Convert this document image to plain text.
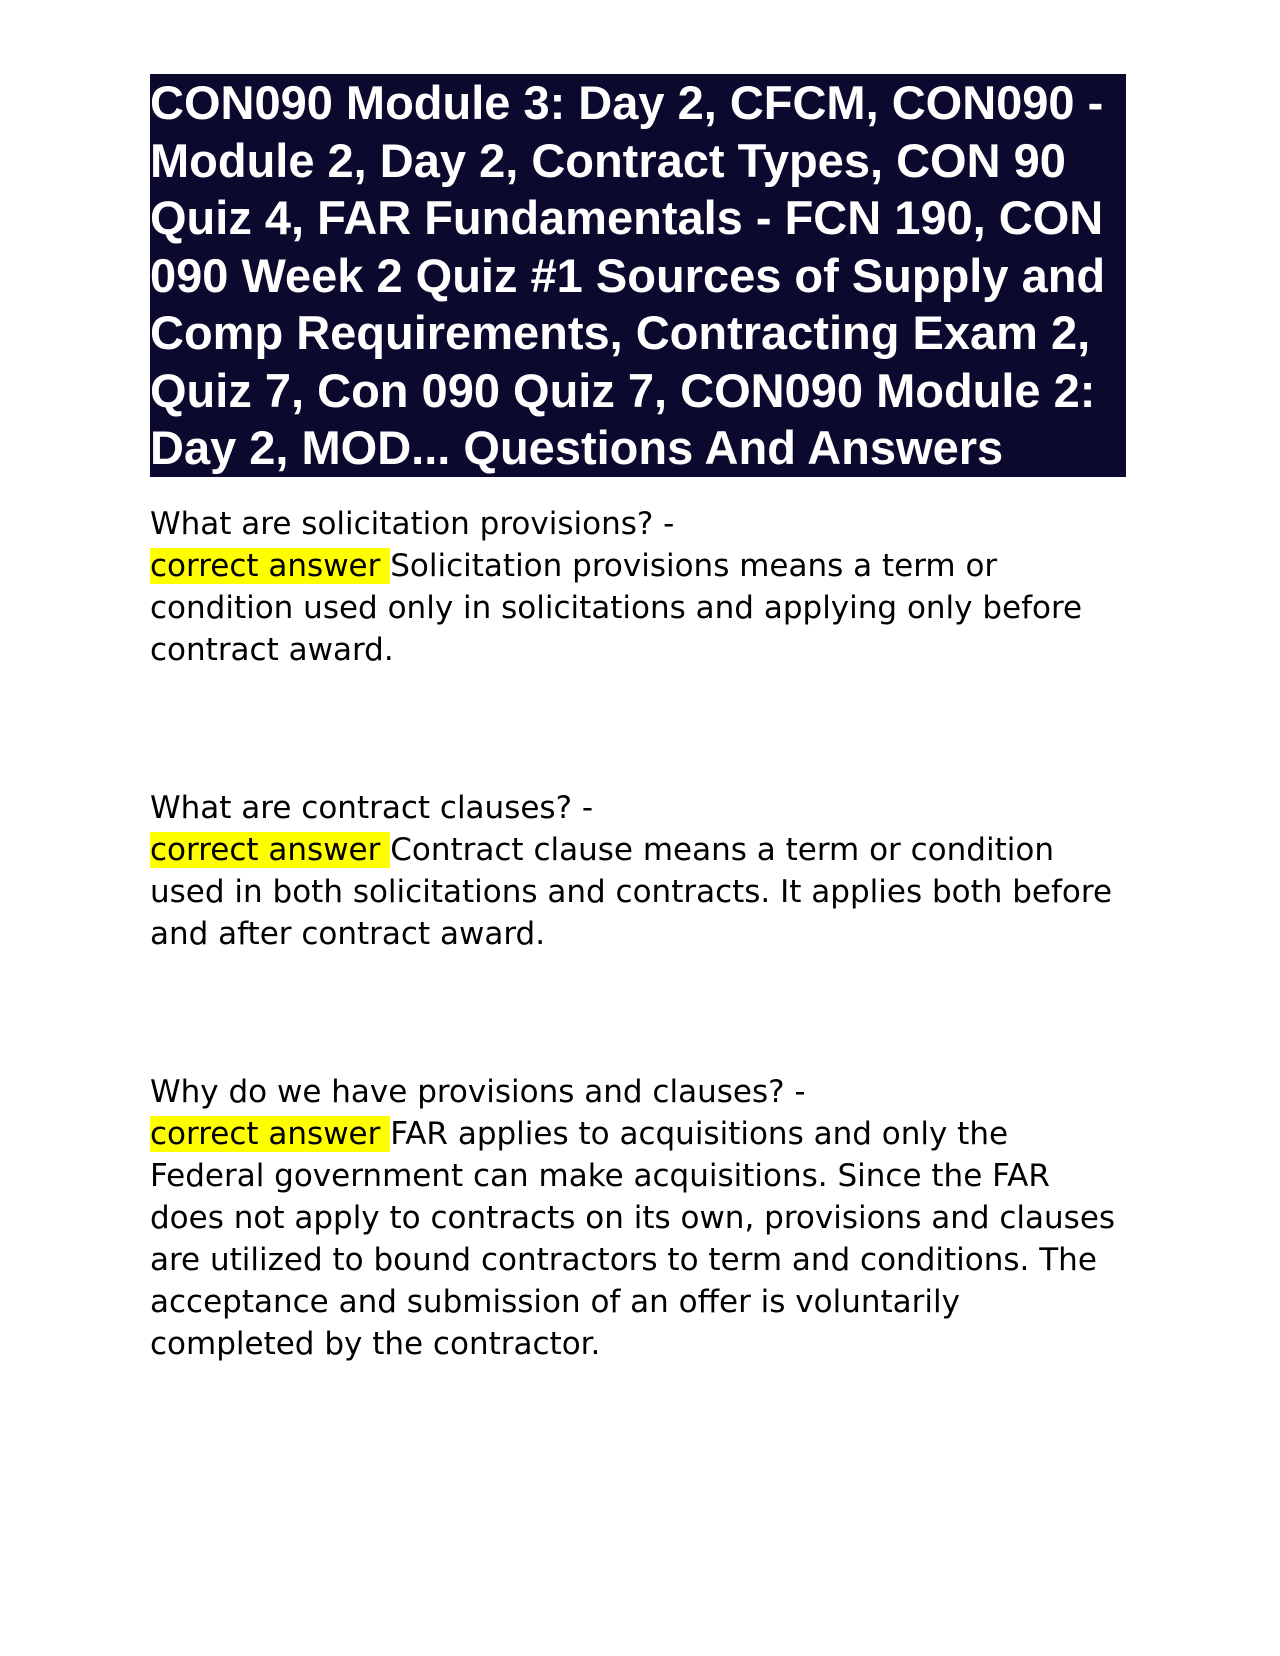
CON090 Module 3: Day 2, CFCM, CON090 - Module 2, Day 2, Contract Types, CON 90 Quiz 4, FAR Fundamentals - FCN 190, CON 090 Week 2 Quiz #1 Sources of Supply and Comp Requirements, Contracting Exam 2, Quiz 7, Con 090 Quiz 7, CON090 Module 2: Day 2, MOD... Questions And Answers

What are solicitation provisions? -

correct answer Solicitation provisions means a term or condition used only in solicitations and applying only before contract award.

What are contract clauses? -

correct answer Contract clause means a term or condition used in both solicitations and contracts. It applies both before and after contract award.

Why do we have provisions and clauses? -

correct answer FAR applies to acquisitions and only the Federal government can make acquisitions. Since the FAR does not apply to contracts on its own, provisions and clauses are utilized to bound contractors to term and conditions. The acceptance and submission of an offer is voluntarily completed by the contractor.
